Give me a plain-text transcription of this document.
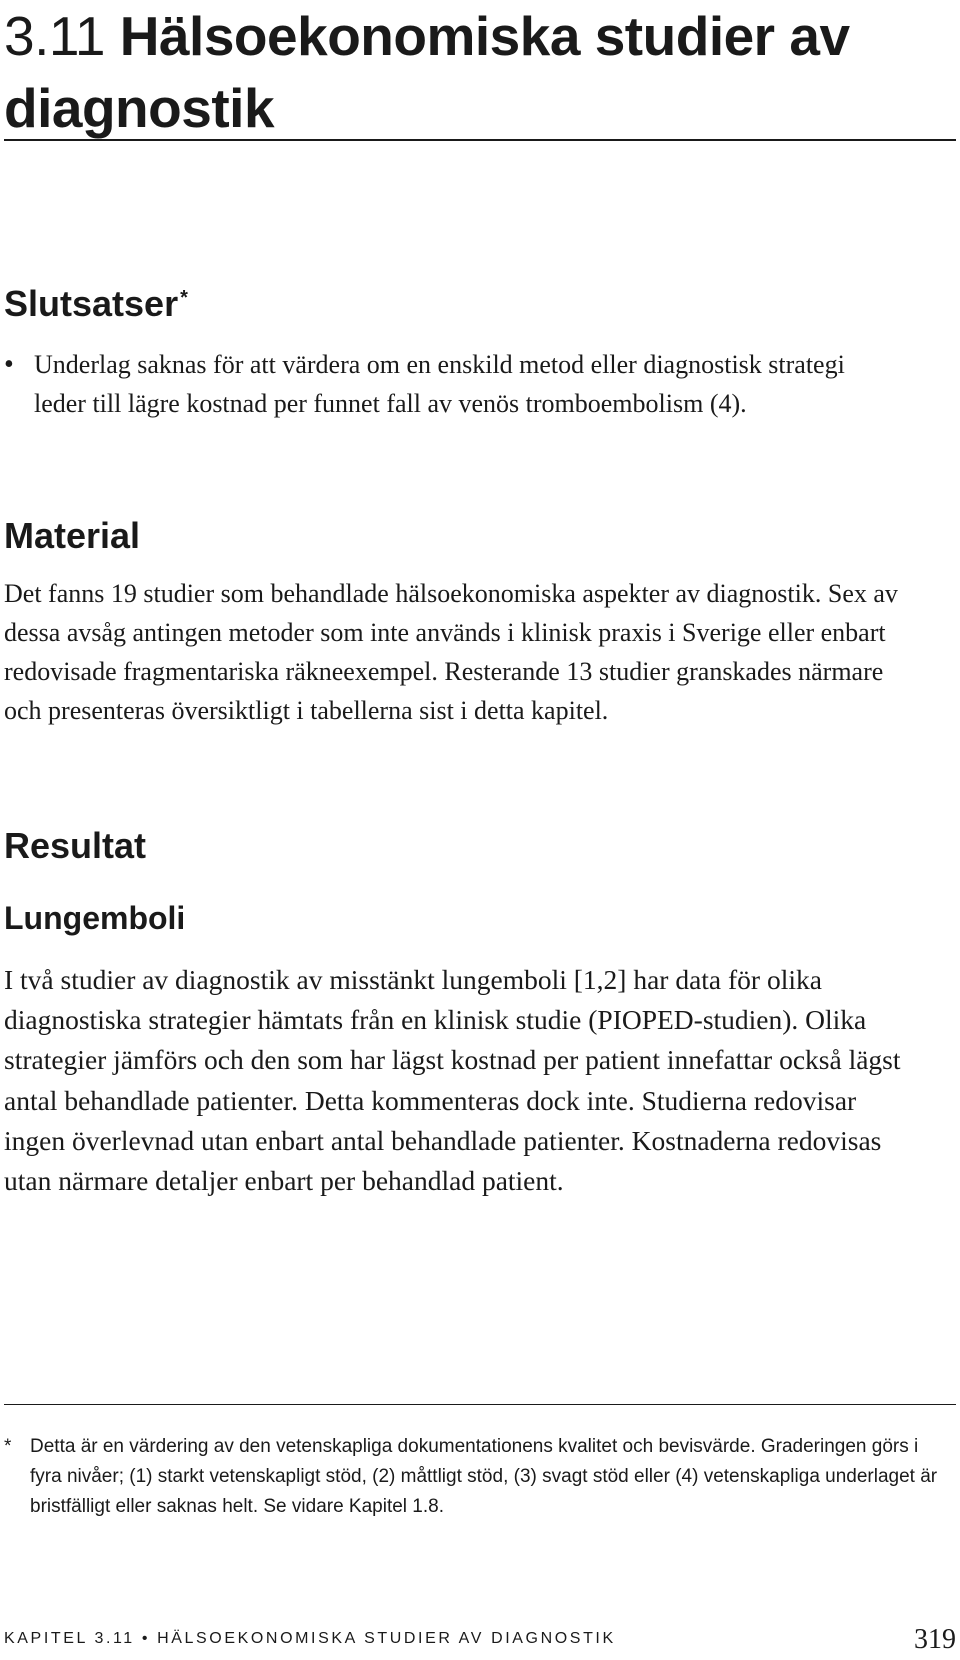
3.11 Hälsoekonomiska studier av diagnostik
Slutsatser *
• Underlag saknas för att värdera om en enskild metod eller diagnostisk strategi leder till lägre kostnad per funnet fall av venös tromboembolism (4).
Material

Det fanns 19 studier som behandlade hälsoekonomiska aspekter av diagnostik. Sex av dessa avsåg antingen metoder som inte används i klinisk praxis i Sverige eller enbart redovisade fragmentariska räkneexempel. Resterande 13 studier granskades närmare och presenteras översiktligt i tabellerna sist i detta kapitel.

Resultat
Lungemboli

I två studier av diagnostik av misstänkt lungemboli [1,2] har data för olika diagnostiska strategier hämtats från en klinisk studie (PIOPED-studien). Olika strategier jämförs och den som har lägst kostnad per patient innefattar också lägst antal behandlade patienter. Detta kommenteras dock inte. Studierna redovisar ingen överlevnad utan enbart antal behandlade patienter. Kostnaderna redovisas utan närmare detaljer enbart per behandlad patient.

* Detta är en värdering av den vetenskapliga dokumentationens kvalitet och bevisvärde. Graderingen görs i fyra nivåer; (1) starkt vetenskapligt stöd, (2) måttligt stöd, (3) svagt stöd eller (4) vetenskapliga underlaget är bristfälligt eller saknas helt. Se vidare Kapitel 1.8.
KAPITEL 3.11 • HÄLSOEKONOMISKA STUDIER AV DIAGNOSTIK	319
